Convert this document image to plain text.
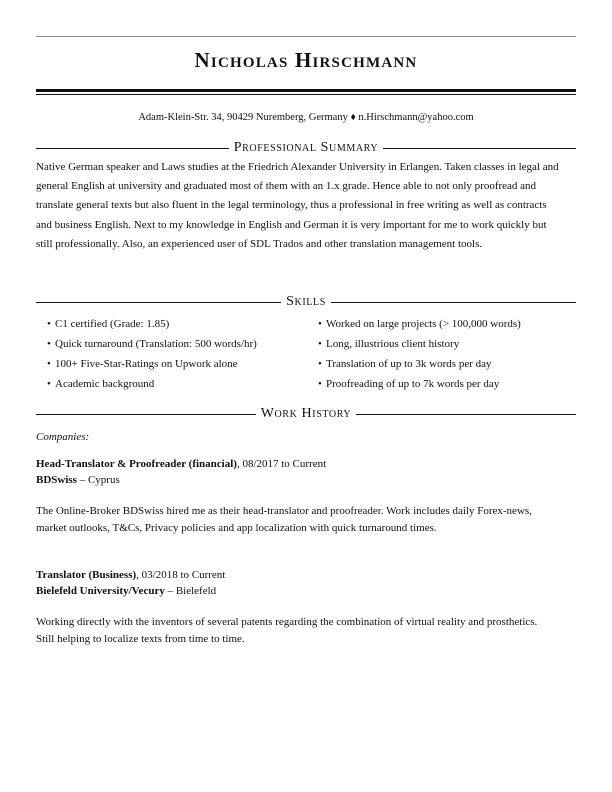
Nicholas Hirschmann
Adam-Klein-Str. 34, 90429 Nuremberg, Germany ♦ n.Hirschmann@yahoo.com
Professional Summary

Native German speaker and Laws studies at the Friedrich Alexander University in Erlangen. Taken classes in legal and general English at university and graduated most of them with an 1.x grade. Hence able to not only proofread and translate general texts but also fluent in the legal terminology, thus a professional in free writing as well as contracts and business English. Next to my knowledge in English and German it is very important for me to work quickly but still professionally. Also, an experienced user of SDL Trados and other translation management tools.

Skills
• C1 certified (Grade: 1.85)
• Quick turnaround (Translation: 500 words/hr)
• 100+ Five-Star-Ratings on Upwork alone
• Academic background
• Worked on large projects (> 100,000 words)
• Long, illustrious client history
• Translation of up to 3k words per day
• Proofreading of up to 7k words per day
Work History
Companies:
Head-Translator & Proofreader (financial), 08/2017 to Current
BDSwiss – Cyprus

The Online-Broker BDSwiss hired me as their head-translator and proofreader. Work includes daily Forex-news, market outlooks, T&Cs, Privacy policies and app localization with quick turnaround times.

Translator (Business), 03/2018 to Current
Bielefeld University/Vecury – Bielefeld

Working directly with the inventors of several patents regarding the combination of virtual reality and prosthetics. Still helping to localize texts from time to time.
